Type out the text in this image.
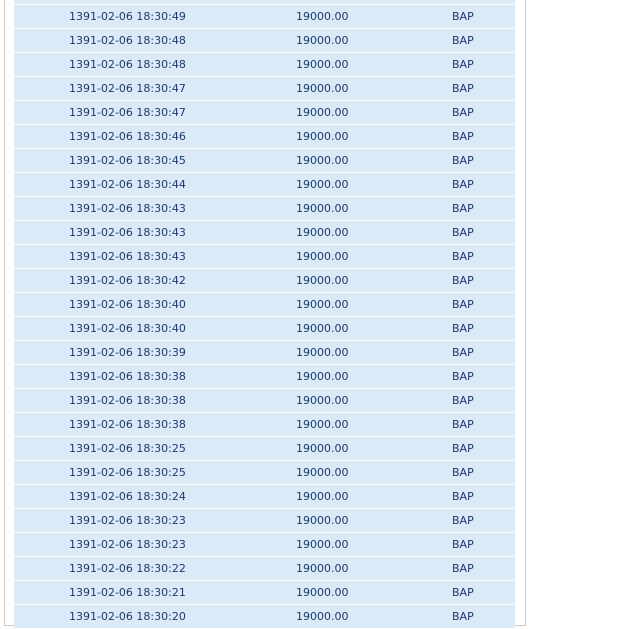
1391-02-06 18:30:49	19000.00	BAP
1391-02-06 18:30:48	19000.00	BAP
1391-02-06 18:30:48	19000.00	BAP
1391-02-06 18:30:47	19000.00	BAP
1391-02-06 18:30:47	19000.00	BAP
1391-02-06 18:30:46	19000.00	BAP
1391-02-06 18:30:45	19000.00	BAP
1391-02-06 18:30:44	19000.00	BAP
1391-02-06 18:30:43	19000.00	BAP
1391-02-06 18:30:43	19000.00	BAP
1391-02-06 18:30:43	19000.00	BAP
1391-02-06 18:30:42	19000.00	BAP
1391-02-06 18:30:40	19000.00	BAP
1391-02-06 18:30:40	19000.00	BAP
1391-02-06 18:30:39	19000.00	BAP
1391-02-06 18:30:38	19000.00	BAP
1391-02-06 18:30:38	19000.00	BAP
1391-02-06 18:30:38	19000.00	BAP
1391-02-06 18:30:25	19000.00	BAP
1391-02-06 18:30:25	19000.00	BAP
1391-02-06 18:30:24	19000.00	BAP
1391-02-06 18:30:23	19000.00	BAP
1391-02-06 18:30:23	19000.00	BAP
1391-02-06 18:30:22	19000.00	BAP
1391-02-06 18:30:21	19000.00	BAP
1391-02-06 18:30:20	19000.00	BAP
